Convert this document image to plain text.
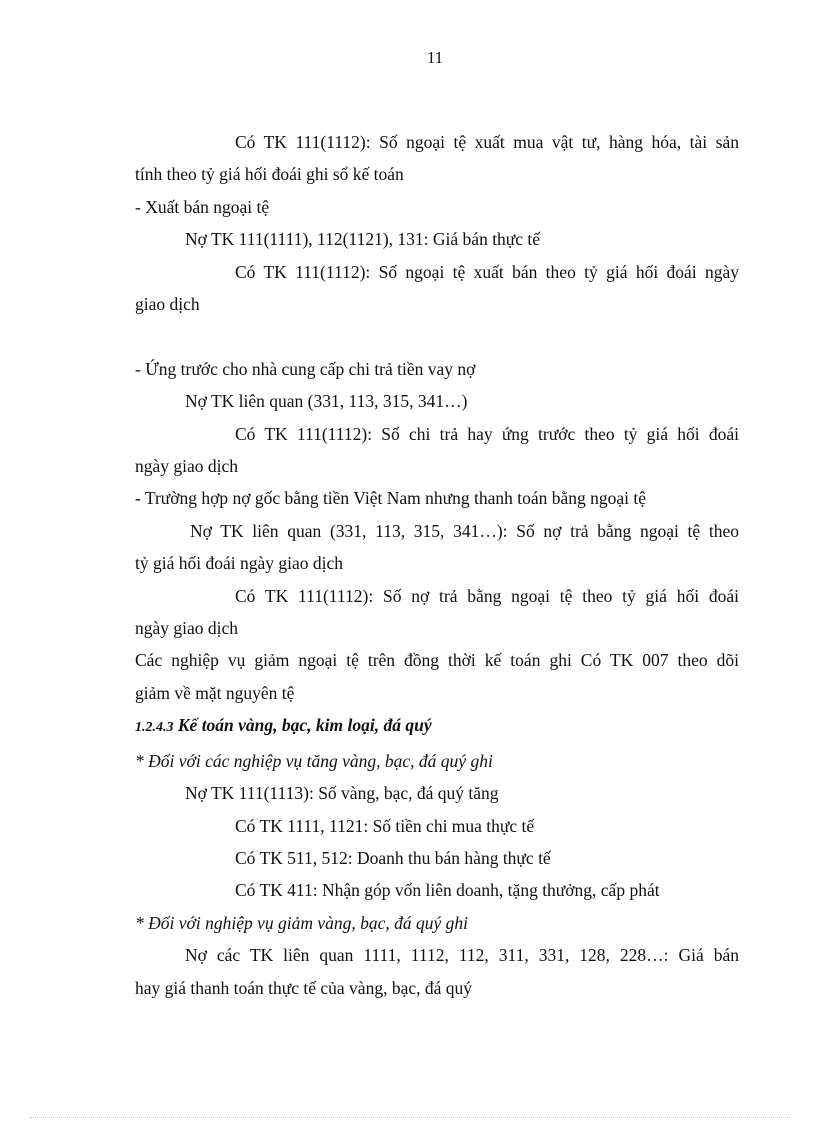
11

Có TK 111(1112): Số ngoại tệ xuất mua vật tư, hàng hóa, tài sản

tính theo tỷ giá hối đoái ghi sổ kế toán

- Xuất bán ngoại tệ

Nợ TK 111(1111), 112(1121), 131: Giá bán thực tế

Có TK 111(1112): Số ngoại tệ xuất bán theo tỷ giá hối đoái ngày

giao dịch

- Ứng trước cho nhà cung cấp chi trả tiền vay nợ

Nợ TK liên quan (331, 113, 315, 341…)

Có TK 111(1112): Số chi trả hay ứng trước theo tỷ giá hối đoái

ngày giao dịch

- Trường hợp nợ gốc bằng tiền Việt Nam nhưng thanh toán bằng ngoại tệ

Nợ TK liên quan (331, 113, 315, 341…): Số nợ trả bằng ngoại tệ theo

tỷ giá hối đoái ngày giao dịch

Có TK 111(1112): Số nợ trả bằng ngoại tệ theo tỷ giá hối đoái

ngày giao dịch

Các nghiệp vụ giảm ngoại tệ trên đồng thời kế toán ghi Có TK 007 theo dõi

giảm về mặt nguyên tệ

1.2.4.3 Kế toán vàng, bạc, kim loại, đá quý

* Đối với các nghiệp vụ tăng vàng, bạc, đá quý ghi

Nợ TK 111(1113): Số vàng, bạc, đá quý tăng

Có TK 1111, 1121: Số tiền chi mua thực tế

Có TK 511, 512: Doanh thu bán hàng thực tế

Có TK 411: Nhận góp vốn liên doanh, tặng thưởng, cấp phát

* Đối với nghiệp vụ giảm vàng, bạc, đá quý ghi

Nợ các TK liên quan 1111, 1112, 112, 311, 331, 128, 228…: Giá bán

hay giá thanh toán thực tế của vàng, bạc, đá quý
